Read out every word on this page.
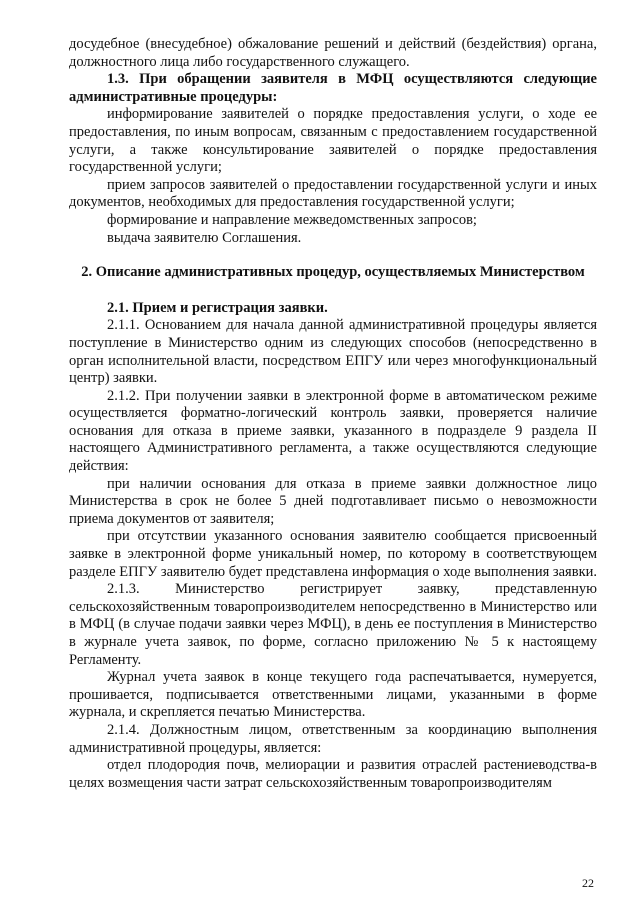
досудебное (внесудебное) обжалование решений и действий (бездействия) органа, должностного лица либо государственного служащего.

1.3. При обращении заявителя в МФЦ осуществляются следующие административные процедуры:

информирование заявителей о порядке предоставления услуги, о ходе ее предоставления, по иным вопросам, связанным с предоставлением государственной услуги, а также консультирование заявителей о порядке предоставления государственной услуги;

прием запросов заявителей о предоставлении государственной услуги и иных документов, необходимых для предоставления государственной услуги;

формирование и направление межведомственных запросов;

выдача заявителю Соглашения.

2. Описание административных процедур, осуществляемых Министерством

2.1. Прием и регистрация заявки.

2.1.1. Основанием для начала данной административной процедуры является поступление в Министерство одним из следующих способов (непосредственно в орган исполнительной власти, посредством ЕПГУ или через многофункциональный центр) заявки.

2.1.2. При получении заявки в электронной форме в автоматическом режиме осуществляется форматно-логический контроль заявки, проверяется наличие основания для отказа в приеме заявки, указанного в подразделе 9 раздела II настоящего Административного регламента, а также осуществляются следующие действия:

при наличии основания для отказа в приеме заявки должностное лицо Министерства в срок не более 5 дней подготавливает письмо о невозможности приема документов от заявителя;

при отсутствии указанного основания заявителю сообщается присвоенный заявке в электронной форме уникальный номер, по которому в соответствующем разделе ЕПГУ заявителю будет представлена информация о ходе выполнения заявки.

2.1.3. Министерство регистрирует заявку, представленную сельскохозяйственным товаропроизводителем непосредственно в Министерство или в МФЦ (в случае подачи заявки через МФЦ), в день ее поступления в Министерство в журнале учета заявок, по форме, согласно приложению № 5 к настоящему Регламенту.

Журнал учета заявок в конце текущего года распечатывается, нумеруется, прошивается, подписывается ответственными лицами, указанными в форме журнала, и скрепляется печатью Министерства.

2.1.4. Должностным лицом, ответственным за координацию выполнения административной процедуры, является:

отдел плодородия почв, мелиорации и развития отраслей растениеводства-в целях возмещения части затрат сельскохозяйственным товаропроизводителям

22
